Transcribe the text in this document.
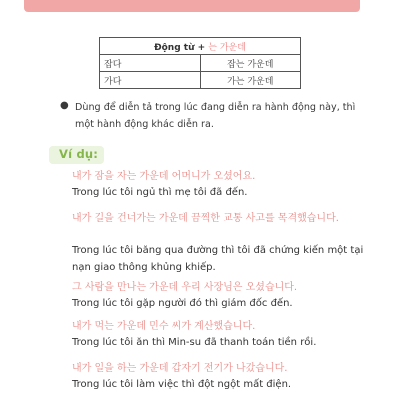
Động từ + 는 가운데	
잡다	잡는 가운데
가다	가는 가운데
● Dùng để diễn tả trong lúc đang diễn ra hành động này, thì một hành động khác diễn ra.
Ví dụ:
내가 잠을 자는 가운데 어머니가 오셨어요.
Trong lúc tôi ngủ thì mẹ tôi đã đến.
내가 길을 건너가는 가운데 끔찍한 교통 사고를 목격했습니다.
Trong lúc tôi băng qua đường thì tôi đã chứng kiến một tại nạn giao thông khủng khiếp.
그 사람을 만나는 가운데 우리 사장님은 오셨습니다.
Trong lúc tôi gặp người đó thì giám đốc đến.
내가 먹는 가운데 민수 씨가 계산했습니다.
Trong lúc tôi ăn thì Min-su đã thanh toán tiền rồi.
내가 일을 하는 가운데 갑자기 전기가 나갔습니다.
Trong lúc tôi làm việc thì đột ngột mất điện.
